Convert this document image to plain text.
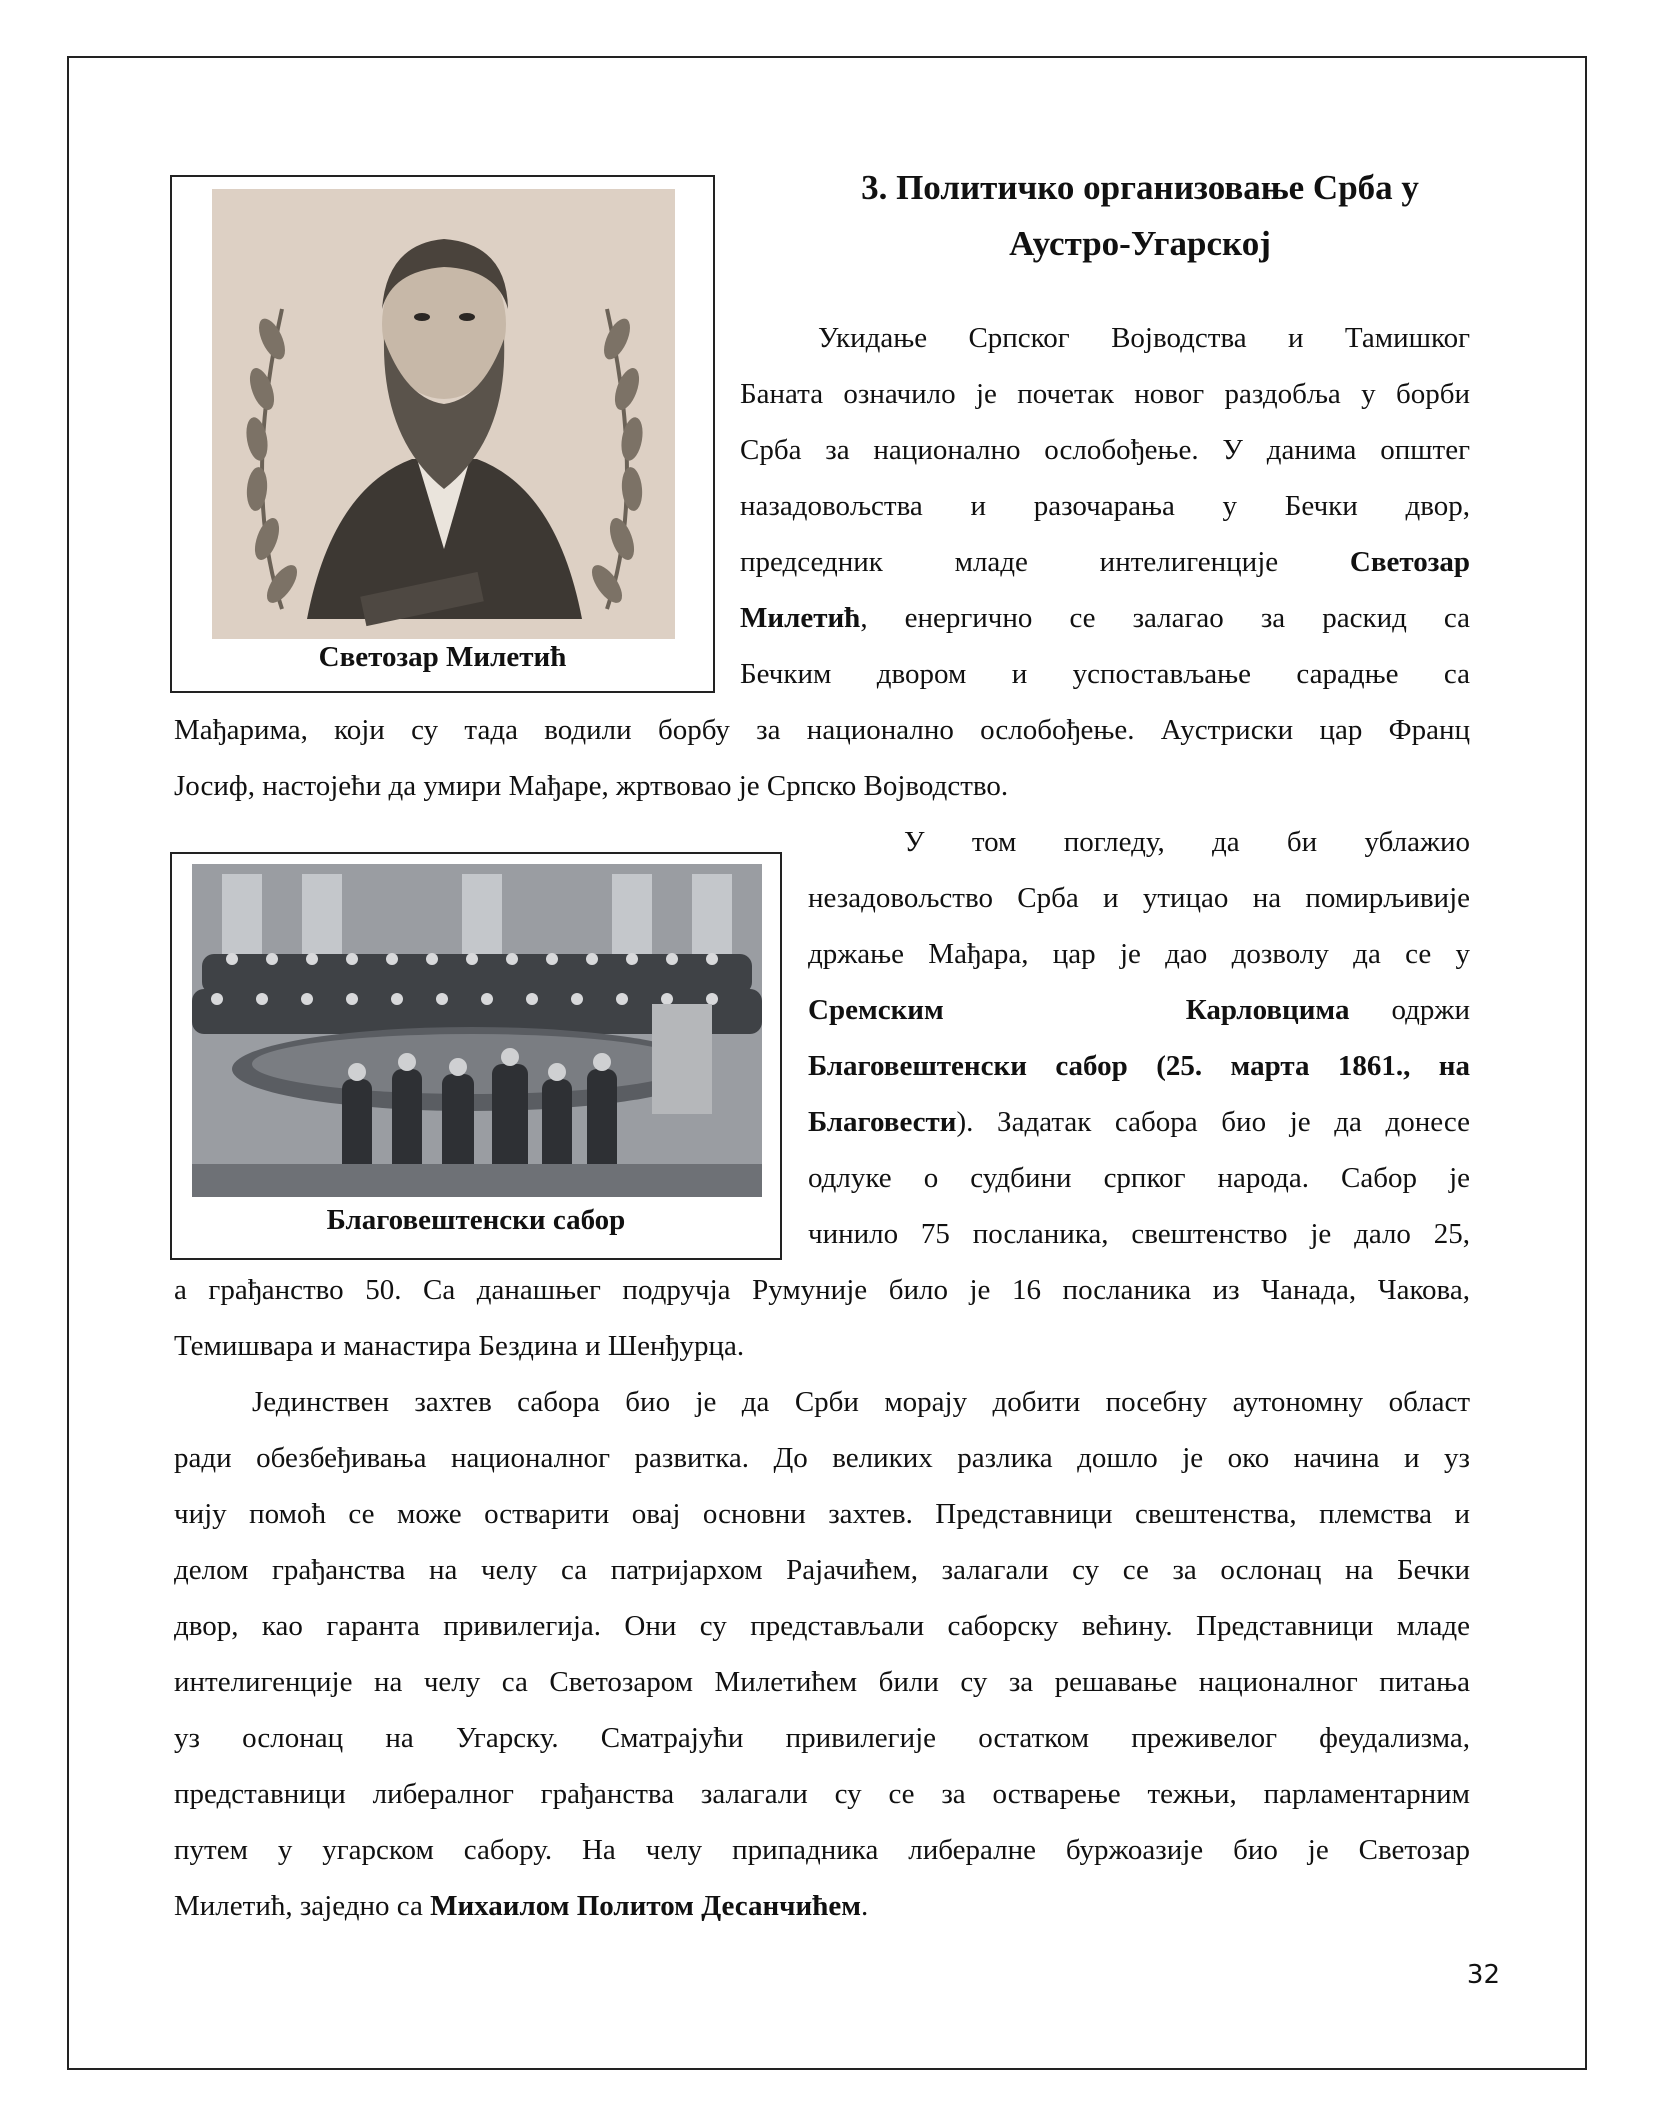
3. Политичко организовање Срба у
Аустро-Угарској
Светозар Милетић
Благовештенски сабор
Укидање Српског Војводства и Тамишког
Баната означило је почетак новог раздобља у борби
Срба за национално ослобођење. У данима општег
назадовољства и разочарања у Бечки двор,
председник младе интелигенције Светозар
Милетић, енергично се залагао за раскид са
Бечким двором и успостављање сарадње са
Мађарима, који су тада водили борбу за национално ослобођење. Аустриски цар Франц
Јосиф, настојећи да умири Мађаре, жртвовао је Српско Војводство.
У том погледу, да би ублажио
незадовољство Срба и утицао на помирљивије
држање Мађара, цар је дао дозволу да се у
Сремским Карловцима одржи
Благовештенски сабор (25. марта 1861., на
Благовести). Задатак сабора био је да донесе
одлуке о судбини српког народа. Сабор је
чинило 75 посланика, свештенство је дало 25,
а грађанство 50. Са данашњег подручја Румуније било је 16 посланика из Чанада, Чакова,
Темишвара и манастира Бездина и Шенђурца.
Јединствен захтев сабора био је да Срби морају добити посебну аутономну област
ради обезбеђивања националног развитка. До великих разлика дошло је око начина и уз
чију помоћ се може остварити овај основни захтев. Представници свештенства, племства и
делом грађанства на челу са патријархом Рајачићем, залагали су се за ослонац на Бечки
двор, као гаранта привилегија. Они су представљали саборску већину. Представници младе
интелигенције на челу са Светозаром Милетићем били су за решавање националног питања
уз ослонац на Угарску. Сматрајући привилегије остатком преживелог феудализма,
представници либералног грађанства залагали су се за остварење тежњи, парламентарним
путем у угарском сабору. На челу припадника либералне буржоазије био је Светозар
Милетић, заједно са Михаилом Политом Десанчићем.
32
